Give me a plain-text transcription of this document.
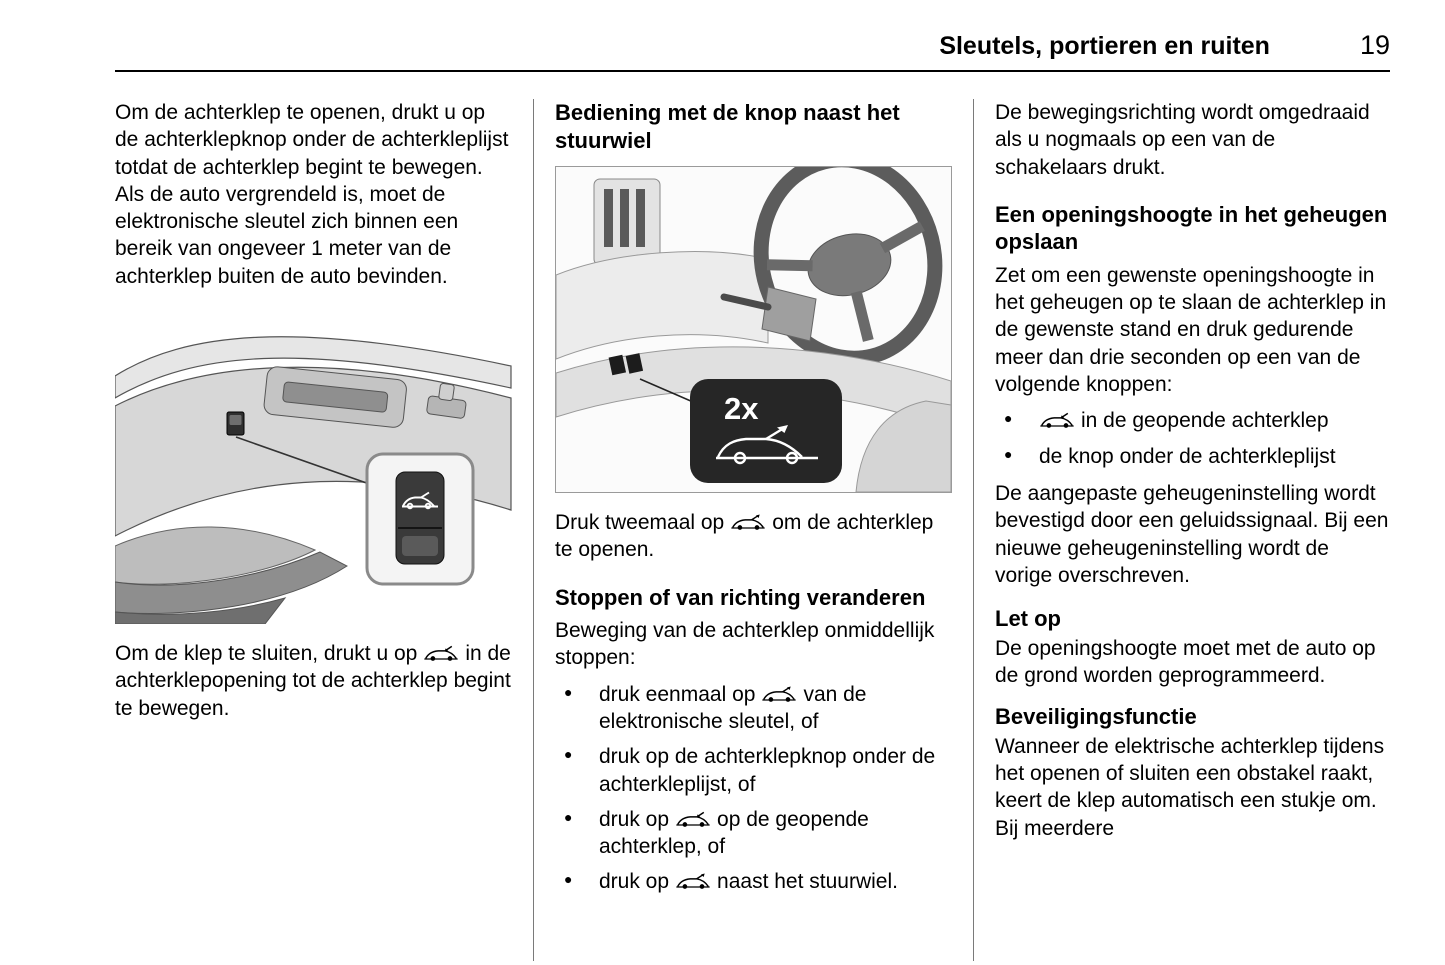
Sleutels, portieren en ruiten	19

Om de achterklep te openen, drukt u op de achterklepknop onder de achterkleplijst totdat de achterklep begint te bewegen. Als de auto vergrendeld is, moet de elektronische sleutel zich binnen een bereik van ongeveer 1 meter van de achterklep buiten de auto bevinden.

Om de klep te sluiten, drukt u op in de achterklepopening tot de achterklep begint te bewegen.

Bediening met de knop naast het stuurwiel
2x

Druk tweemaal op om de achterklep te openen.

Stoppen of van richting veranderen

Beweging van de achterklep onmiddellijk stoppen:

● druk eenmaal op van de elektronische sleutel, of
● druk op de achterklepknop onder de achterkleplijst, of
● druk op op de geopende achterklep, of
● druk op naast het stuurwiel.

De bewegingsrichting wordt omgedraaid als u nogmaals op een van de schakelaars drukt.

Een openingshoogte in het geheugen opslaan

Zet om een gewenste openingshoogte in het geheugen op te slaan de achterklep in de gewenste stand en druk gedurende meer dan drie seconden op een van de volgende knoppen:

● in de geopende achterklep
● de knop onder de achterkleplijst

De aangepaste geheugeninstelling wordt bevestigd door een geluidssignaal. Bij een nieuwe geheugeninstelling wordt de vorige overschreven.

Let op

De openingshoogte moet met de auto op de grond worden geprogrammeerd.

Beveiligingsfunctie

Wanneer de elektrische achterklep tijdens het openen of sluiten een obstakel raakt, keert de klep automatisch een stukje om. Bij meerdere
